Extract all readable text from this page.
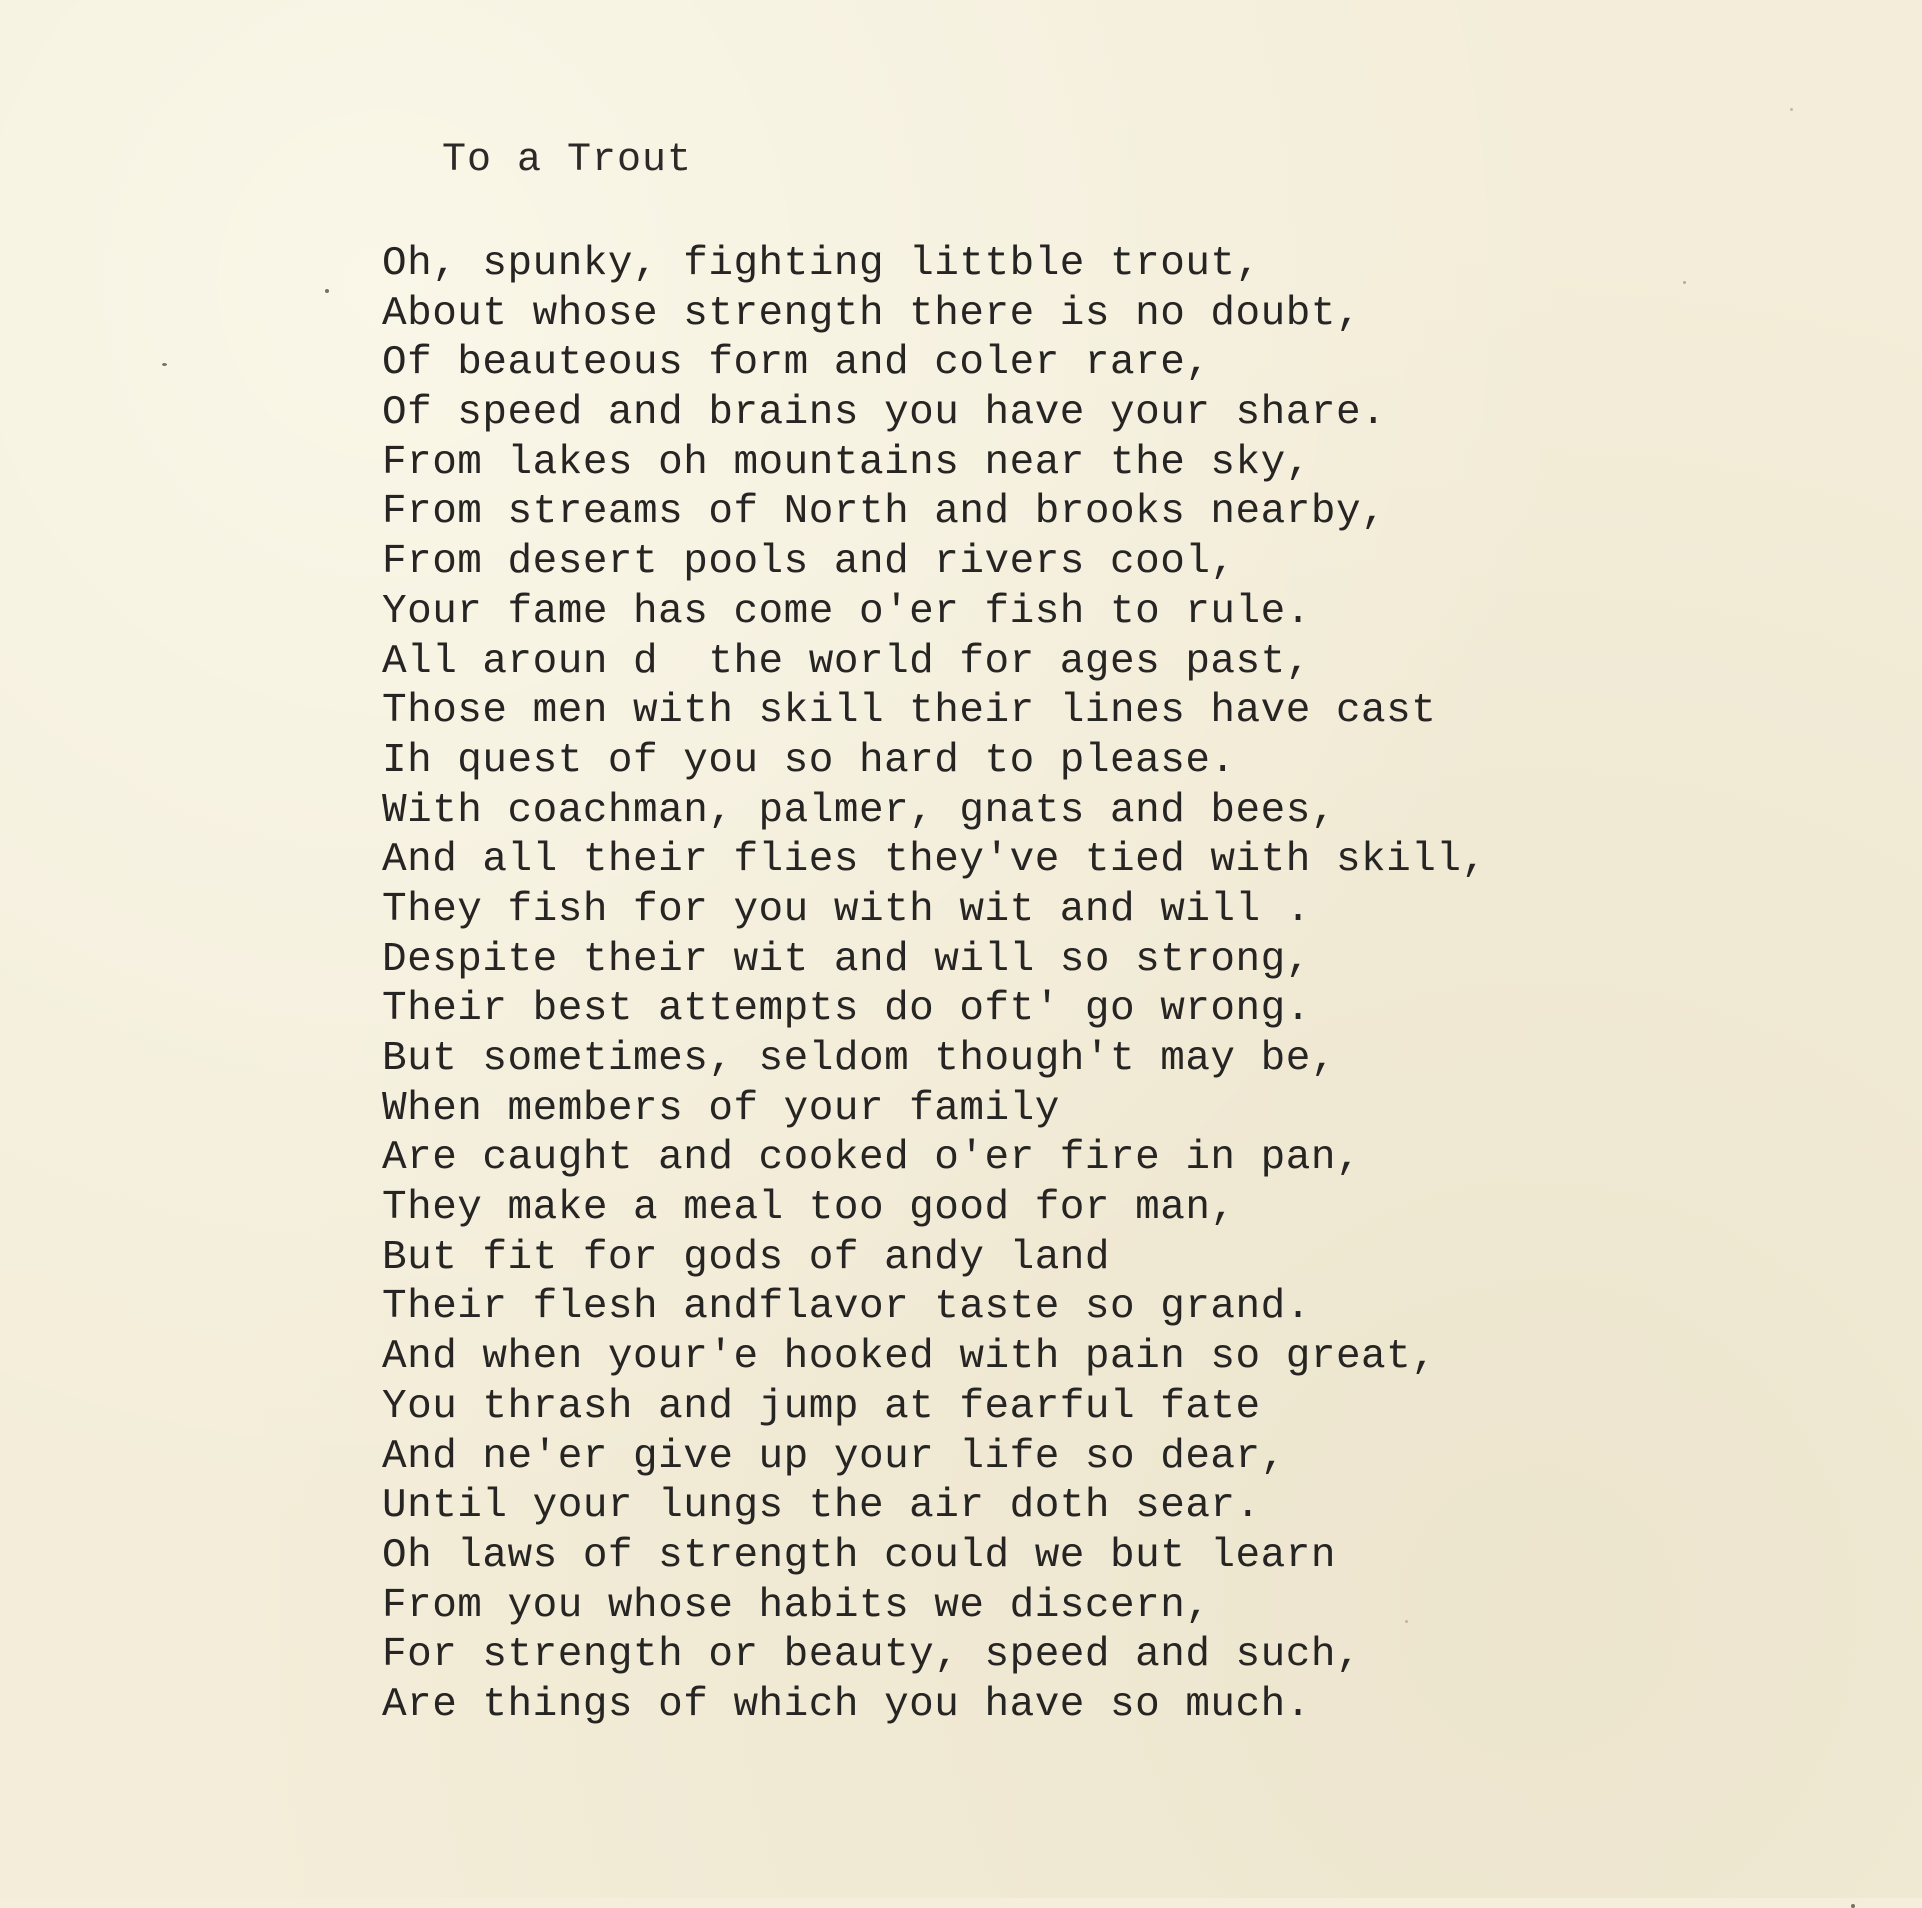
To a Trout
Oh, spunky, fighting littble trout,
About whose strength there is no doubt,
Of beauteous form and coler rare,
Of speed and brains you have your share.
From lakes oh mountains near the sky,
From streams of North and brooks nearby,
From desert pools and rivers cool,
Your fame has come o'er fish to rule.
All aroun d  the world for ages past,
Those men with skill their lines have cast
Ih quest of you so hard to please.
With coachman, palmer, gnats and bees,
And all their flies they've tied with skill,
They fish for you with wit and will .
Despite their wit and will so strong,
Their best attempts do oft' go wrong.
But sometimes, seldom though't may be,
When members of your family
Are caught and cooked o'er fire in pan,
They make a meal too good for man,
But fit for gods of andy land
Their flesh andflavor taste so grand.
And when your'e hooked with pain so great,
You thrash and jump at fearful fate
And ne'er give up your life so dear,
Until your lungs the air doth sear.
Oh laws of strength could we but learn
From you whose habits we discern,
For strength or beauty, speed and such,
Are things of which you have so much.
